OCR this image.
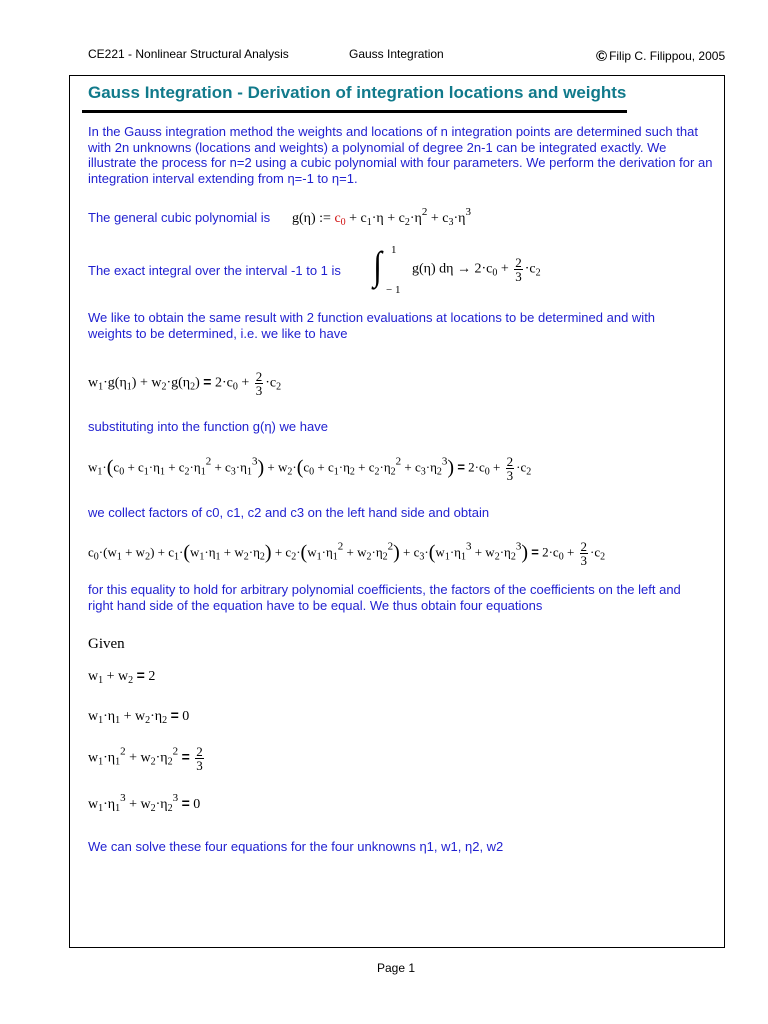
CE221 - Nonlinear Structural Analysis	Gauss Integration	© Filip C. Filippou, 2005
Gauss Integration - Derivation of integration locations and weights
In the Gauss integration method the weights and locations of n integration points are determined such that with 2n unknowns (locations and weights) a polynomial of degree 2n-1 can be integrated exactly. We illustrate the process for n=2 using a cubic polynomial with four parameters. We perform the derivation for an integration interval extending from η=-1 to η=1.
The general cubic polynomial is g(η) := $c_0 + c_1\cdot\eta + c_2\cdot\eta^2 + c_3\cdot\eta^3$
The exact integral over the interval -1 to 1 is ∫ 1
− 1
g(η) $d\eta \to 2\cdot c_0 + \frac{2}{3} \cdot c_2$
We like to obtain the same result with 2 function evaluations at locations to be determined and with weights to be determined, i.e. we like to have
$w_1\cdot g(\eta_1) + w_2\cdot g(\eta_2) = 2\cdot c_0 + \frac{2}{3} \cdot c_2$
substituting into the function g(η) we have
$w_1\cdot(c_0 + c_1\cdot\eta_1 + c_2\cdot\eta_1^2 + c_3\cdot\eta_1^3) + w_2\cdot(c_0 + c_1\cdot\eta_2 + c_2\cdot\eta_2^2 + c_3\cdot\eta_2^3) = 2\cdot c_0 + \frac{2}{3} \cdot c_2$
we collect factors of c0, c1, c2 and c3 on the left hand side and obtain
$c_0\cdot(w_1 + w_2) + c_1\cdot(w_1\cdot\eta_1 + w_2\cdot\eta_2) + c_2\cdot(w_1\cdot\eta_1^2 + w_2\cdot\eta_2^2) + c_3\cdot(w_1\cdot\eta_1^3 + w_2\cdot\eta_2^3) = 2\cdot c_0 + \frac{2}{3} \cdot c_2$
for this equality to hold for arbitrary polynomial coefficients, the factors of the coefficients on the left and right hand side of the equation have to be equal. We thus obtain four equations
Given
$w_1 + w_2 = 2$
$w_1\cdot\eta_1 + w_2\cdot\eta_2 = 0$
$w_1\cdot\eta_1^2 + w_2\cdot\eta_2^2 = \frac{2}{3}$
$w_1\cdot\eta_1^3 + w_2\cdot\eta_2^3 = 0$
We can solve these four equations for the four unknowns η1, w1, η2, w2
Page 1
